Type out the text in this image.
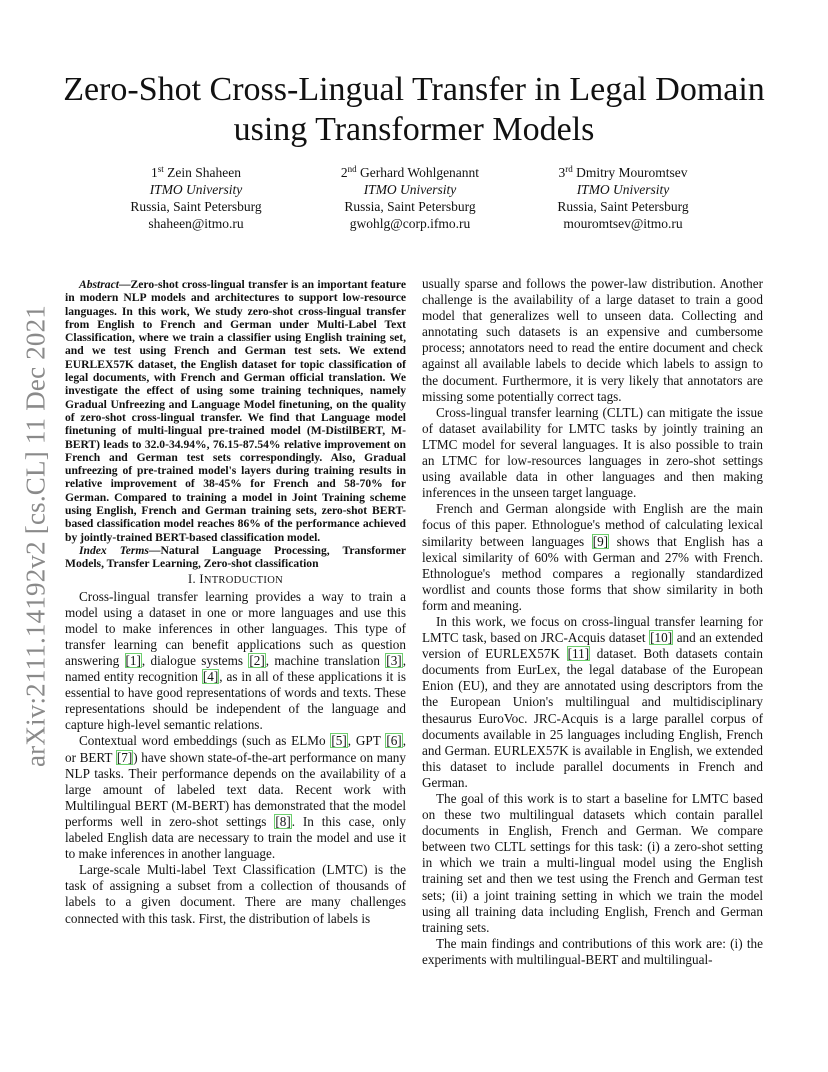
arXiv:2111.14192v2 [cs.CL] 11 Dec 2021
Zero-Shot Cross-Lingual Transfer in Legal Domain using Transformer Models
1st Zein Shaheen
ITMO University
Russia, Saint Petersburg
shaheen@itmo.ru
2nd Gerhard Wohlgenannt
ITMO University
Russia, Saint Petersburg
gwohlg@corp.ifmo.ru
3rd Dmitry Mouromtsev
ITMO University
Russia, Saint Petersburg
mouromtsev@itmo.ru

Abstract—Zero-shot cross-lingual transfer is an important feature in modern NLP models and architectures to support low-resource languages. In this work, We study zero-shot cross-lingual transfer from English to French and German under Multi-Label Text Classification, where we train a classifier using English training set, and we test using French and German test sets. We extend EURLEX57K dataset, the English dataset for topic classification of legal documents, with French and German official translation. We investigate the effect of using some training techniques, namely Gradual Unfreezing and Language Model finetuning, on the quality of zero-shot cross-lingual transfer. We find that Language model finetuning of multi-lingual pre-trained model (M-DistilBERT, M-BERT) leads to 32.0-34.94%, 76.15-87.54% relative improvement on French and German test sets correspondingly. Also, Gradual unfreezing of pre-trained model's layers during training results in relative improvement of 38-45% for French and 58-70% for German. Compared to training a model in Joint Training scheme using English, French and German training sets, zero-shot BERT-based classification model reaches 86% of the performance achieved by jointly-trained BERT-based classification model.

Index Terms—Natural Language Processing, Transformer Models, Transfer Learning, Zero-shot classification

I. INTRODUCTION

Cross-lingual transfer learning provides a way to train a model using a dataset in one or more languages and use this model to make inferences in other languages. This type of transfer learning can benefit applications such as question answering [1], dialogue systems [2], machine translation [3], named entity recognition [4], as in all of these applications it is essential to have good representations of words and texts. These representations should be independent of the language and capture high-level semantic relations.

Contextual word embeddings (such as ELMo [5], GPT [6], or BERT [7]) have shown state-of-the-art performance on many NLP tasks. Their performance depends on the availability of a large amount of labeled text data. Recent work with Multilingual BERT (M-BERT) has demonstrated that the model performs well in zero-shot settings [8]. In this case, only labeled English data are necessary to train the model and use it to make inferences in another language.

Large-scale Multi-label Text Classification (LMTC) is the task of assigning a subset from a collection of thousands of labels to a given document. There are many challenges connected with this task. First, the distribution of labels is

usually sparse and follows the power-law distribution. Another challenge is the availability of a large dataset to train a good model that generalizes well to unseen data. Collecting and annotating such datasets is an expensive and cumbersome process; annotators need to read the entire document and check against all available labels to decide which labels to assign to the document. Furthermore, it is very likely that annotators are missing some potentially correct tags.

Cross-lingual transfer learning (CLTL) can mitigate the issue of dataset availability for LMTC tasks by jointly training an LTMC model for several languages. It is also possible to train an LTMC for low-resources languages in zero-shot settings using available data in other languages and then making inferences in the unseen target language.

French and German alongside with English are the main focus of this paper. Ethnologue's method of calculating lexical similarity between languages [9] shows that English has a lexical similarity of 60% with German and 27% with French. Ethnologue's method compares a regionally standardized wordlist and counts those forms that show similarity in both form and meaning.

In this work, we focus on cross-lingual transfer learning for LMTC task, based on JRC-Acquis dataset [10] and an extended version of EURLEX57K [11] dataset. Both datasets contain documents from EurLex, the legal database of the European Enion (EU), and they are annotated using descriptors from the the European Union's multilingual and multidisciplinary thesaurus EuroVoc. JRC-Acquis is a large parallel corpus of documents available in 25 languages including English, French and German. EURLEX57K is available in English, we extended this dataset to include parallel documents in French and German.

The goal of this work is to start a baseline for LMTC based on these two multilingual datasets which contain parallel documents in English, French and German. We compare between two CLTL settings for this task: (i) a zero-shot setting in which we train a multi-lingual model using the English training set and then we test using the French and German test sets; (ii) a joint training setting in which we train the model using all training data including English, French and German training sets.

The main findings and contributions of this work are: (i) the experiments with multilingual-BERT and multilingual-
